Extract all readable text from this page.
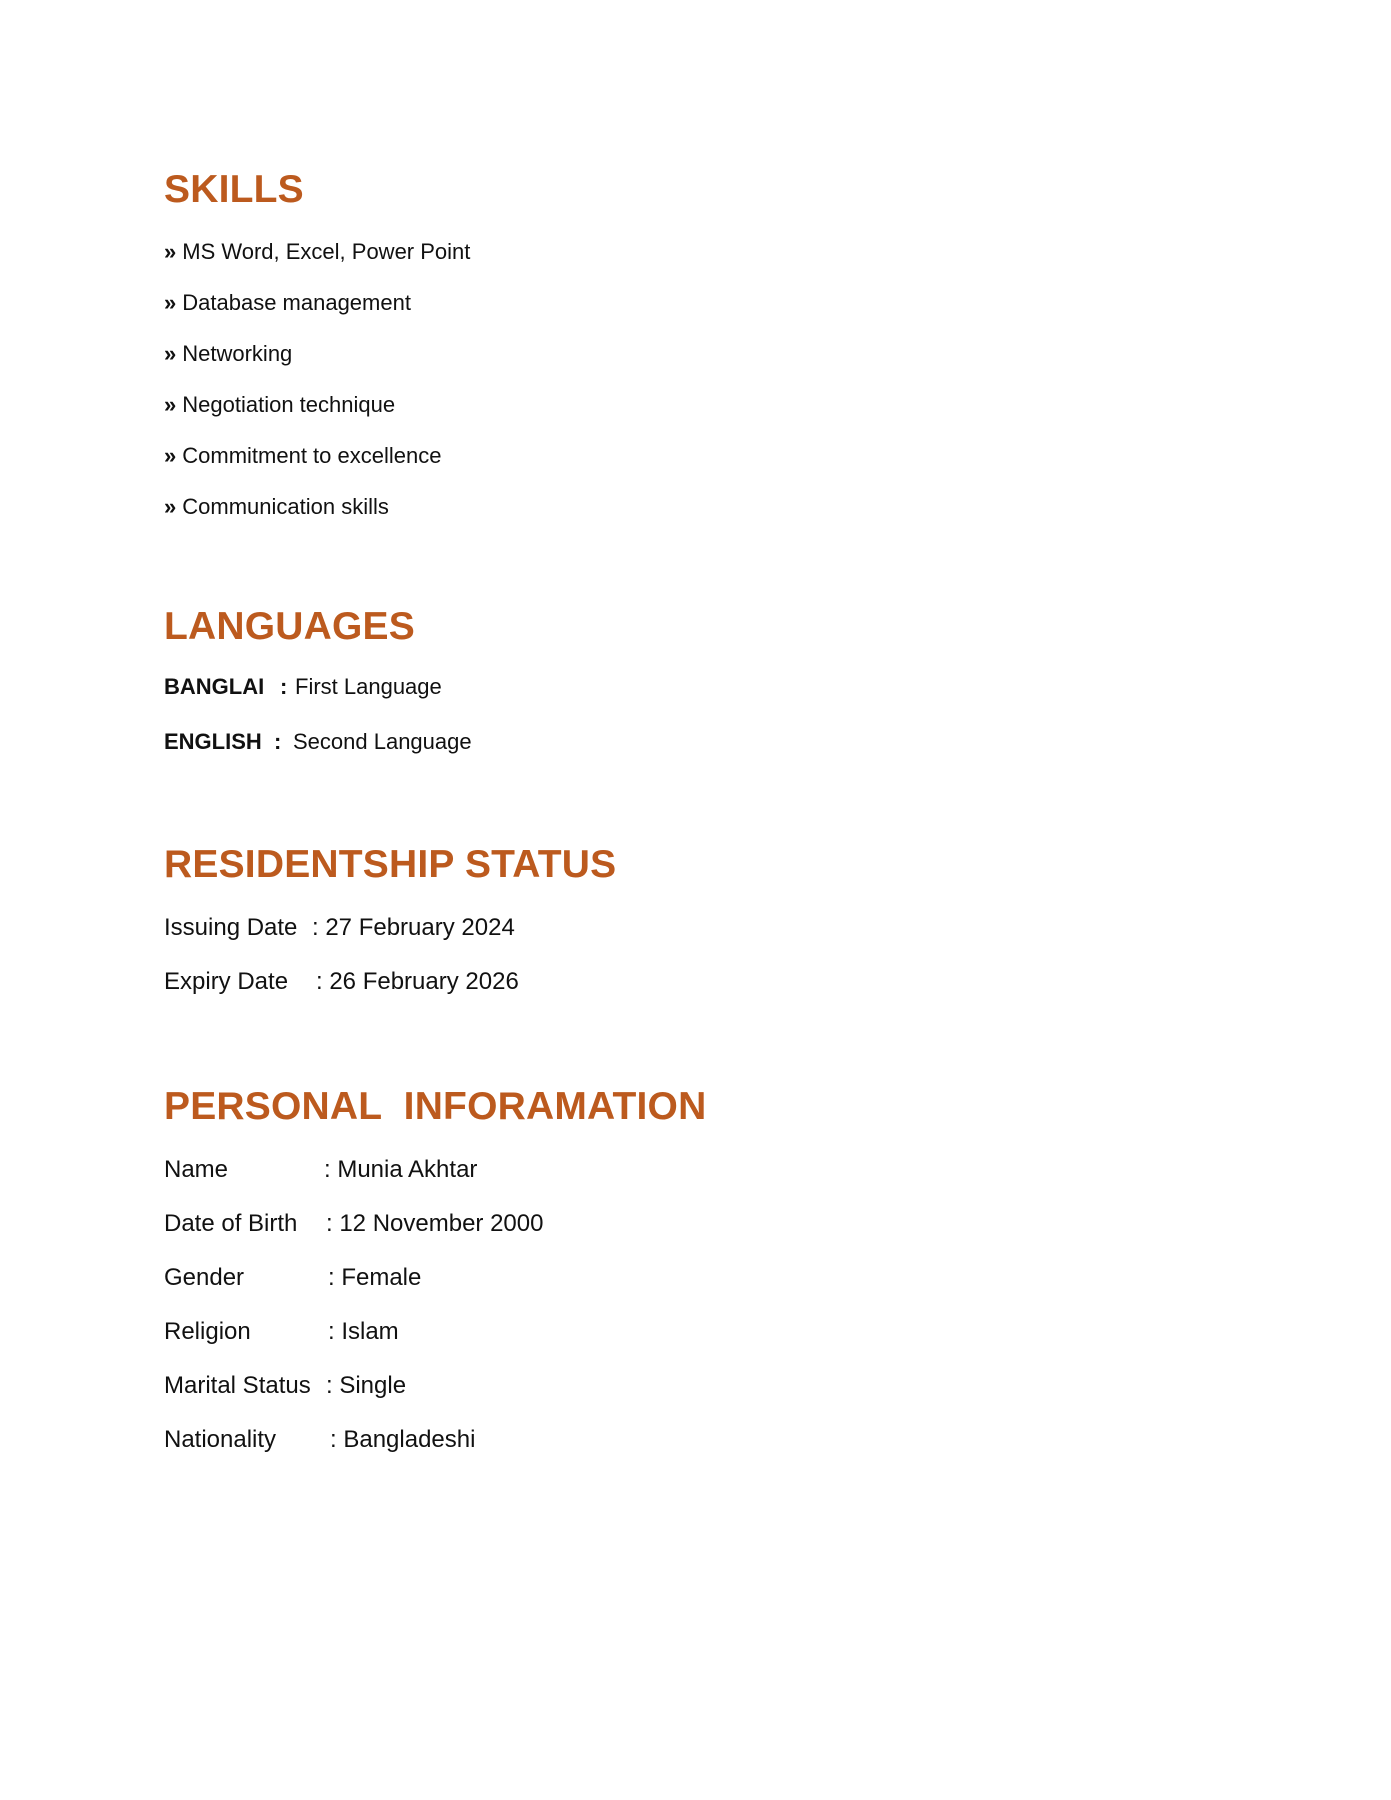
SKILLS
» MS Word, Excel, Power Point
» Database management
» Networking
» Negotiation technique
» Commitment to excellence
» Communication skills
LANGUAGES
BANGLAI : First Language
ENGLISH : Second Language
RESIDENTSHIP STATUS
Issuing Date : 27 February 2024
Expiry Date	: 26 February 2026
PERSONAL  INFORAMATION
Name	: Munia Akhtar
Date of Birth	: 12 November 2000
Gender	: Female
Religion	: Islam
Marital Status : Single
Nationality	: Bangladeshi
